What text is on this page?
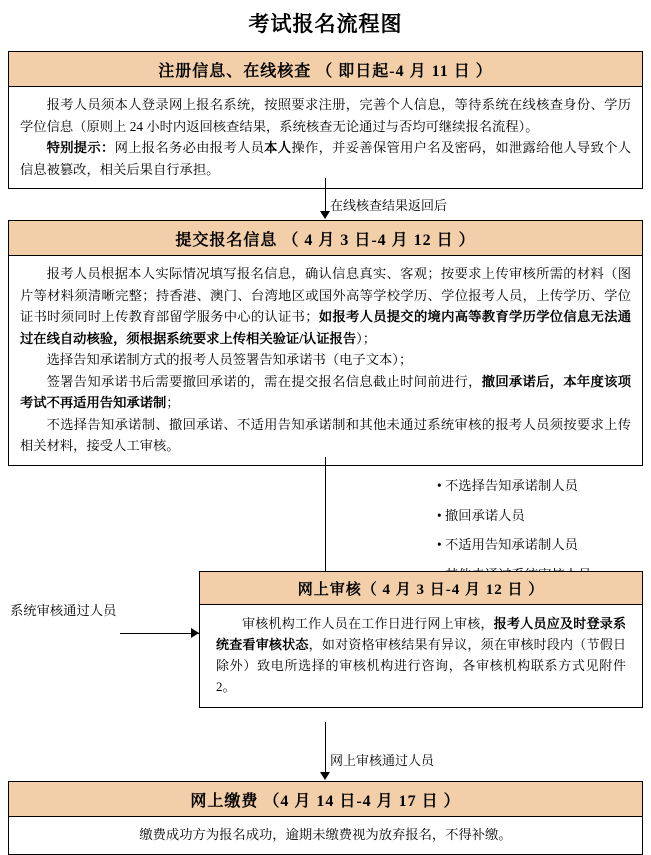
考试报名流程图
注册信息、在线核查 （ 即日起-4 月 11 日 ）

报考人员须本人登录网上报名系统，按照要求注册，完善个人信息，等待系统在线核查身份、学历学位信息（原则上 24 小时内返回核查结果，系统核查无论通过与否均可继续报名流程）。

特别提示：网上报名务必由报考人员本人操作，并妥善保管用户名及密码，如泄露给他人导致个人信息被篡改，相关后果自行承担。

在线核查结果返回后
提交报名信息 （ 4 月 3 日-4 月 12 日 ）

报考人员根据本人实际情况填写报名信息，确认信息真实、客观；按要求上传审核所需的材料（图片等材料须清晰完整；持香港、澳门、台湾地区或国外高等学校学历、学位报考人员，上传学历、学位证书时须同时上传教育部留学服务中心的认证书；如报考人员提交的境内高等教育学历学位信息无法通过在线自动核验，须根据系统要求上传相关验证/认证报告）；

选择告知承诺制方式的报考人员签署告知承诺书（电子文本）；

签署告知承诺书后需要撤回承诺的，需在提交报名信息截止时间前进行，撤回承诺后，本年度该项考试不再适用告知承诺制；

不选择告知承诺制、撤回承诺、不适用告知承诺制和其他未通过系统审核的报考人员须按要求上传相关材料，接受人工审核。

系统审核通过人员
• 不选择告知承诺制人员
• 撤回承诺人员
• 不适用告知承诺制人员
网上审核（ 4 月 3 日-4 月 12 日 ）

审核机构工作人员在工作日进行网上审核，报考人员应及时登录系统查看审核状态，如对资格审核结果有异议，须在审核时段内（节假日除外）致电所选择的审核机构进行咨询，各审核机构联系方式见附件 2。

网上审核通过人员
网上缴费 （4 月 14 日-4 月 17 日 ）

缴费成功方为报名成功，逾期未缴费视为放弃报名，不得补缴。
